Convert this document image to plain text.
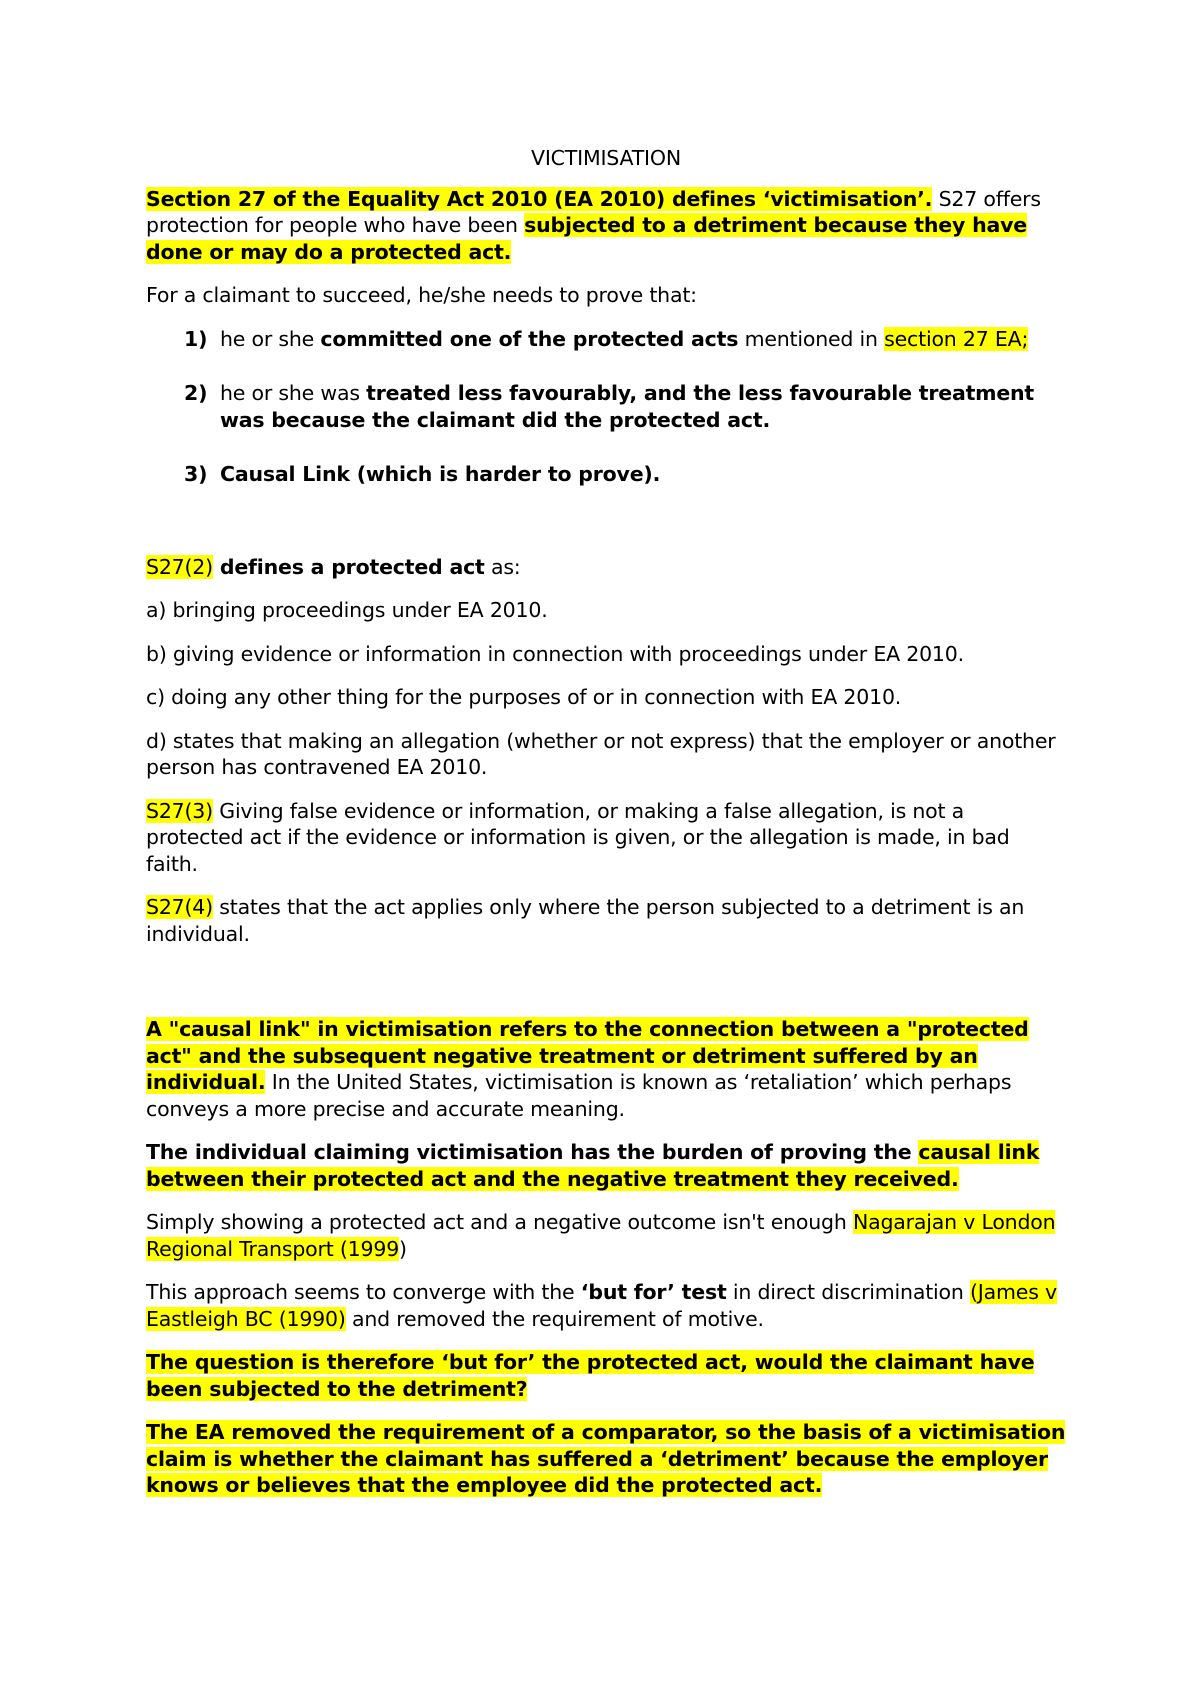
VICTIMISATION

Section 27 of the Equality Act 2010 (EA 2010) defines ‘victimisation’. S27 offers protection for people who have been subjected to a detriment because they have done or may do a protected act.

For a claimant to succeed, he/she needs to prove that:

1) he or she committed one of the protected acts mentioned in section 27 EA;
2) he or she was treated less favourably, and the less favourable treatment was because the claimant did the protected act.
3) Causal Link (which is harder to prove).

S27(2) defines a protected act as:

a) bringing proceedings under EA 2010.

b) giving evidence or information in connection with proceedings under EA 2010.

c) doing any other thing for the purposes of or in connection with EA 2010.

d) states that making an allegation (whether or not express) that the employer or another person has contravened EA 2010.

S27(3) Giving false evidence or information, or making a false allegation, is not a protected act if the evidence or information is given, or the allegation is made, in bad faith.

S27(4) states that the act applies only where the person subjected to a detriment is an individual.

A "causal link" in victimisation refers to the connection between a "protected act" and the subsequent negative treatment or detriment suffered by an individual. In the United States, victimisation is known as ‘retaliation’ which perhaps conveys a more precise and accurate meaning.

The individual claiming victimisation has the burden of proving the causal link between their protected act and the negative treatment they received.

Simply showing a protected act and a negative outcome isn't enough Nagarajan v London Regional Transport (1999)

This approach seems to converge with the ‘but for’ test in direct discrimination (James v Eastleigh BC (1990) and removed the requirement of motive.

The question is therefore ‘but for’ the protected act, would the claimant have been subjected to the detriment?

The EA removed the requirement of a comparator, so the basis of a victimisation claim is whether the claimant has suffered a ‘detriment’ because the employer knows or believes that the employee did the protected act.
